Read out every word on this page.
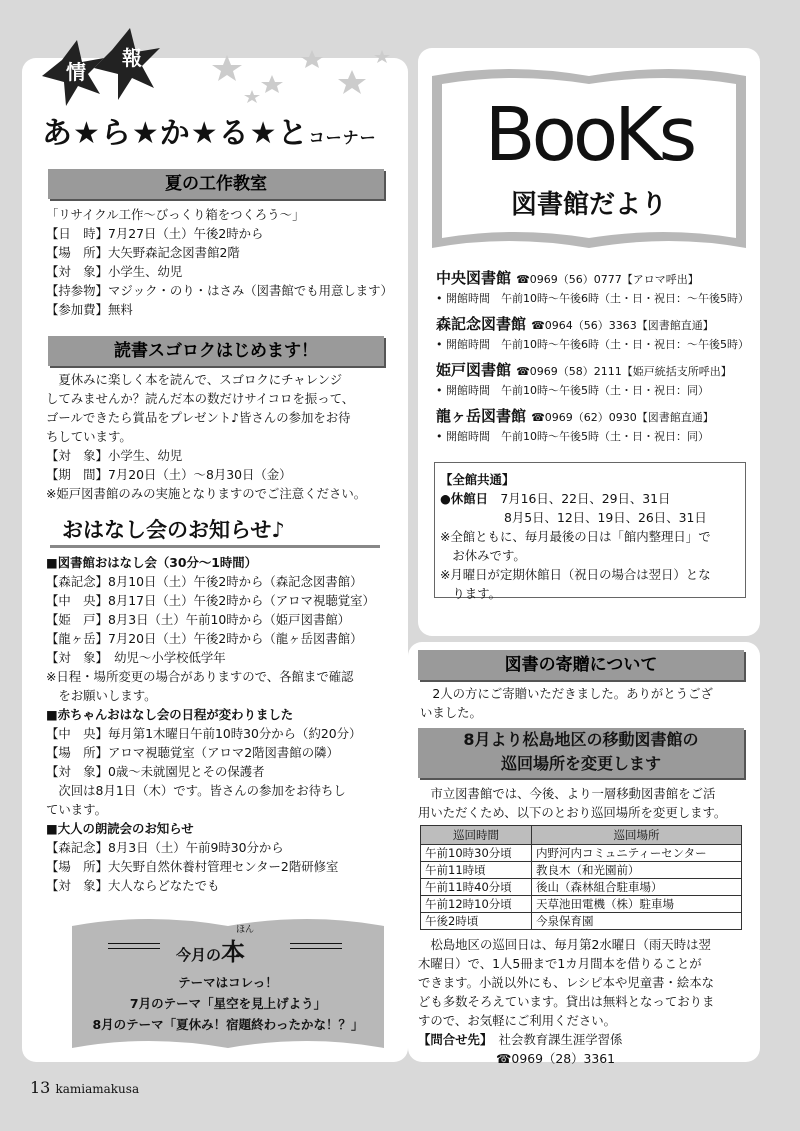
情
報
あ★ら★か★る★とコーナー
夏の工作教室
「リサイクル工作～びっくり箱をつくろう～」
【日　時】7月27日（土）午後2時から
【場　所】大矢野森記念図書館2階
【対　象】小学生、幼児
【持参物】マジック・のり・はさみ（図書館でも用意します）
【参加費】無料
読書スゴロクはじめます！
　夏休みに楽しく本を読んで、スゴロクにチャレンジ
してみませんか？読んだ本の数だけサイコロを振って、
ゴールできたら賞品をプレゼント♪皆さんの参加をお待
ちしています。
【対　象】小学生、幼児
【期　間】7月20日（土）～8月30日（金）
※姫戸図書館のみの実施となりますのでご注意ください。
おはなし会のお知らせ♪
■図書館おはなし会（30分～1時間）
【森記念】8月10日（土）午後2時から（森記念図書館）
【中　央】8月17日（土）午後2時から（アロマ視聴覚室）
【姫　戸】8月3日（土）午前10時から（姫戸図書館）
【龍ヶ岳】7月20日（土）午後2時から（龍ヶ岳図書館）
【対　象】　幼児～小学校低学年
※日程・場所変更の場合がありますので、各館まで確認
　をお願いします。
■赤ちゃんおはなし会の日程が変わりました
【中　央】毎月第1木曜日午前10時30分から（約20分）
【場　所】アロマ視聴覚室（アロマ2階図書館の隣）
【対　象】0歳～未就園児とその保護者
　次回は8月1日（木）です。皆さんの参加をお待ちし
ています。
■大人の朗読会のお知らせ
【森記念】8月3日（土）午前9時30分から
【場　所】大矢野自然休養村管理センター2階研修室
【対　象】大人ならどなたでも
ほん
今月の本
テーマはコレっ！
7月のテーマ「星空を見上げよう」
8月のテーマ「夏休み！宿題終わったかな！？」
BooKs
図書館だより
中央図書館 ☎0969（56）0777【アロマ呼出】
• 開館時間　午前10時～午後6時（土・日・祝日：～午後5時）
森記念図書館 ☎0964（56）3363【図書館直通】
• 開館時間　午前10時～午後6時（土・日・祝日：～午後5時）
姫戸図書館 ☎0969（58）2111【姫戸統括支所呼出】
• 開館時間　午前10時～午後5時（土・日・祝日：同）
龍ヶ岳図書館 ☎0969（62）0930【図書館直通】
• 開館時間　午前10時～午後5時（土・日・祝日：同）
【全館共通】
●休館日　 7月16日、22日、29日、31日
8月5日、12日、19日、26日、31日
※全館ともに、毎月最後の日は「館内整理日」で
　お休みです。
※月曜日が定期休館日（祝日の場合は翌日）とな
　ります。
図書の寄贈について
　2人の方にご寄贈いただきました。ありがとうござ
いました。
8月より松島地区の移動図書館の
巡回場所を変更します
　市立図書館では、今後、より一層移動図書館をご活
用いただくため、以下のとおり巡回場所を変更します。
巡回時間	巡回場所
午前10時30分頃	内野河内コミュニティーセンター
午前11時頃	教良木（和光園前）
午前11時40分頃	後山（森林組合駐車場）
午前12時10分頃	天草池田電機（株）駐車場
午後2時頃	今泉保育園
　松島地区の巡回日は、毎月第2水曜日（雨天時は翌
木曜日）で、1人5冊まで1カ月間本を借りることが
できます。小説以外にも、レシピ本や児童書・絵本な
ども多数そろえています。貸出は無料となっておりま
すので、お気軽にご利用ください。
【問合せ先】　 社会教育課生涯学習係
☎0969（28）3361
13 kamiamakusa
